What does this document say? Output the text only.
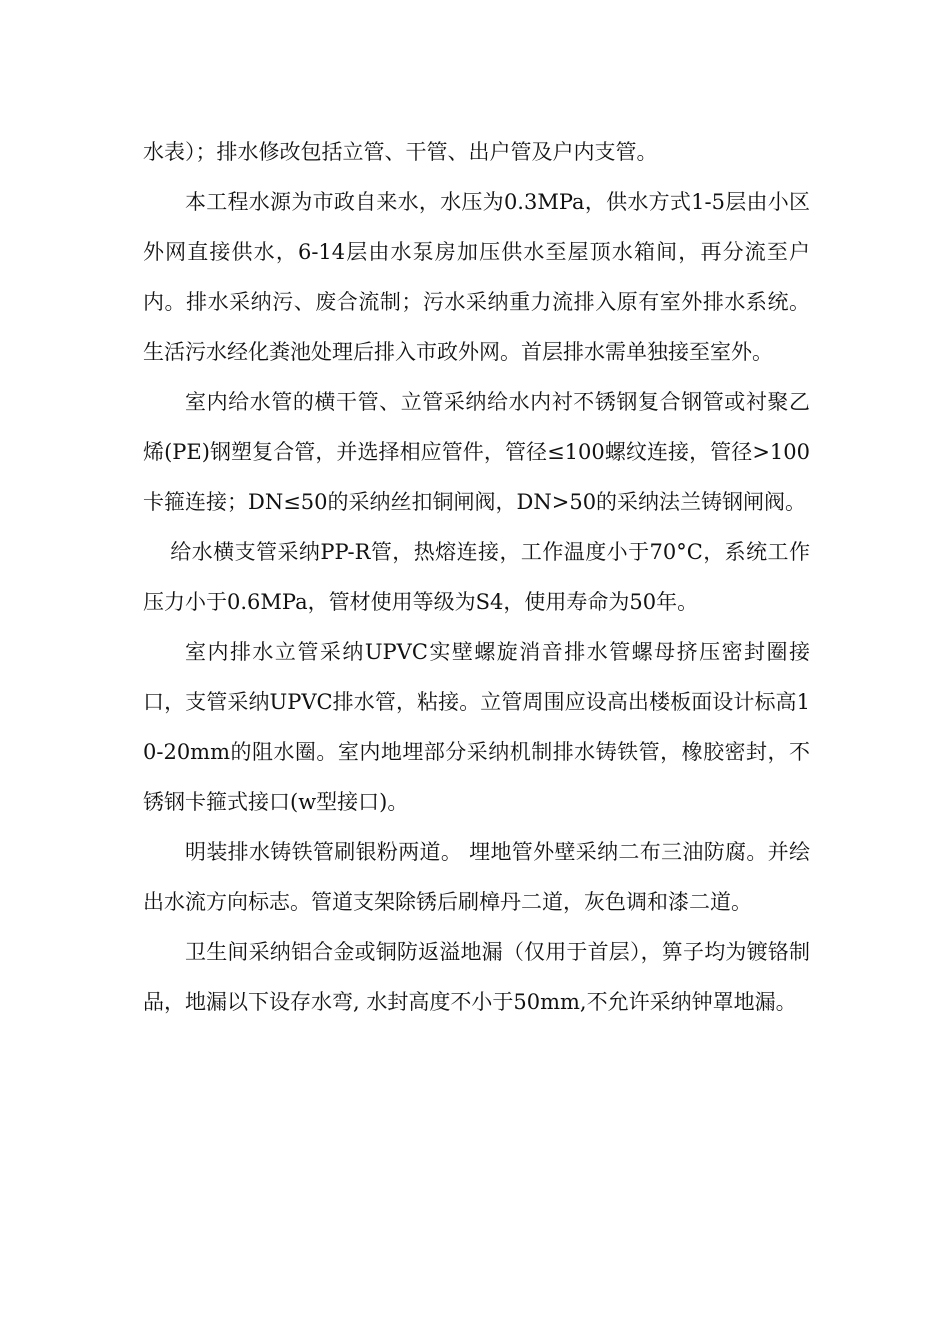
水表）；排水修改包括立管、干管、出户管及户内支管。

本工程水源为市政自来水，水压为0.3MPa，供水方式1-5层由小区外网直接供水，6-14层由水泵房加压供水至屋顶水箱间，再分流至户内。排水采纳污、废合流制；污水采纳重力流排入原有室外排水系统。生活污水经化粪池处理后排入市政外网。首层排水需单独接至室外。

室内给水管的横干管、立管采纳给水内衬不锈钢复合钢管或衬聚乙烯(PE)钢塑复合管，并选择相应管件，管径≤100螺纹连接，管径>100卡箍连接；DN≤50的采纳丝扣铜闸阀，DN>50的采纳法兰铸钢闸阀。

给水横支管采纳PP-R管，热熔连接，工作温度小于70°C，系统工作压力小于0.6MPa，管材使用等级为S4，使用寿命为50年。

室内排水立管采纳UPVC实壁螺旋消音排水管螺母挤压密封圈接口，支管采纳UPVC排水管，粘接。立管周围应设高出楼板面设计标高10-20mm的阻水圈。室内地埋部分采纳机制排水铸铁管，橡胶密封，不锈钢卡箍式接口(w型接口)。

明装排水铸铁管刷银粉两道。 埋地管外壁采纳二布三油防腐。并绘出水流方向标志。管道支架除锈后刷樟丹二道，灰色调和漆二道。

卫生间采纳铝合金或铜防返溢地漏（仅用于首层），箅子均为镀铬制品，地漏以下设存水弯, 水封高度不小于50mm,不允许采纳钟罩地漏。
